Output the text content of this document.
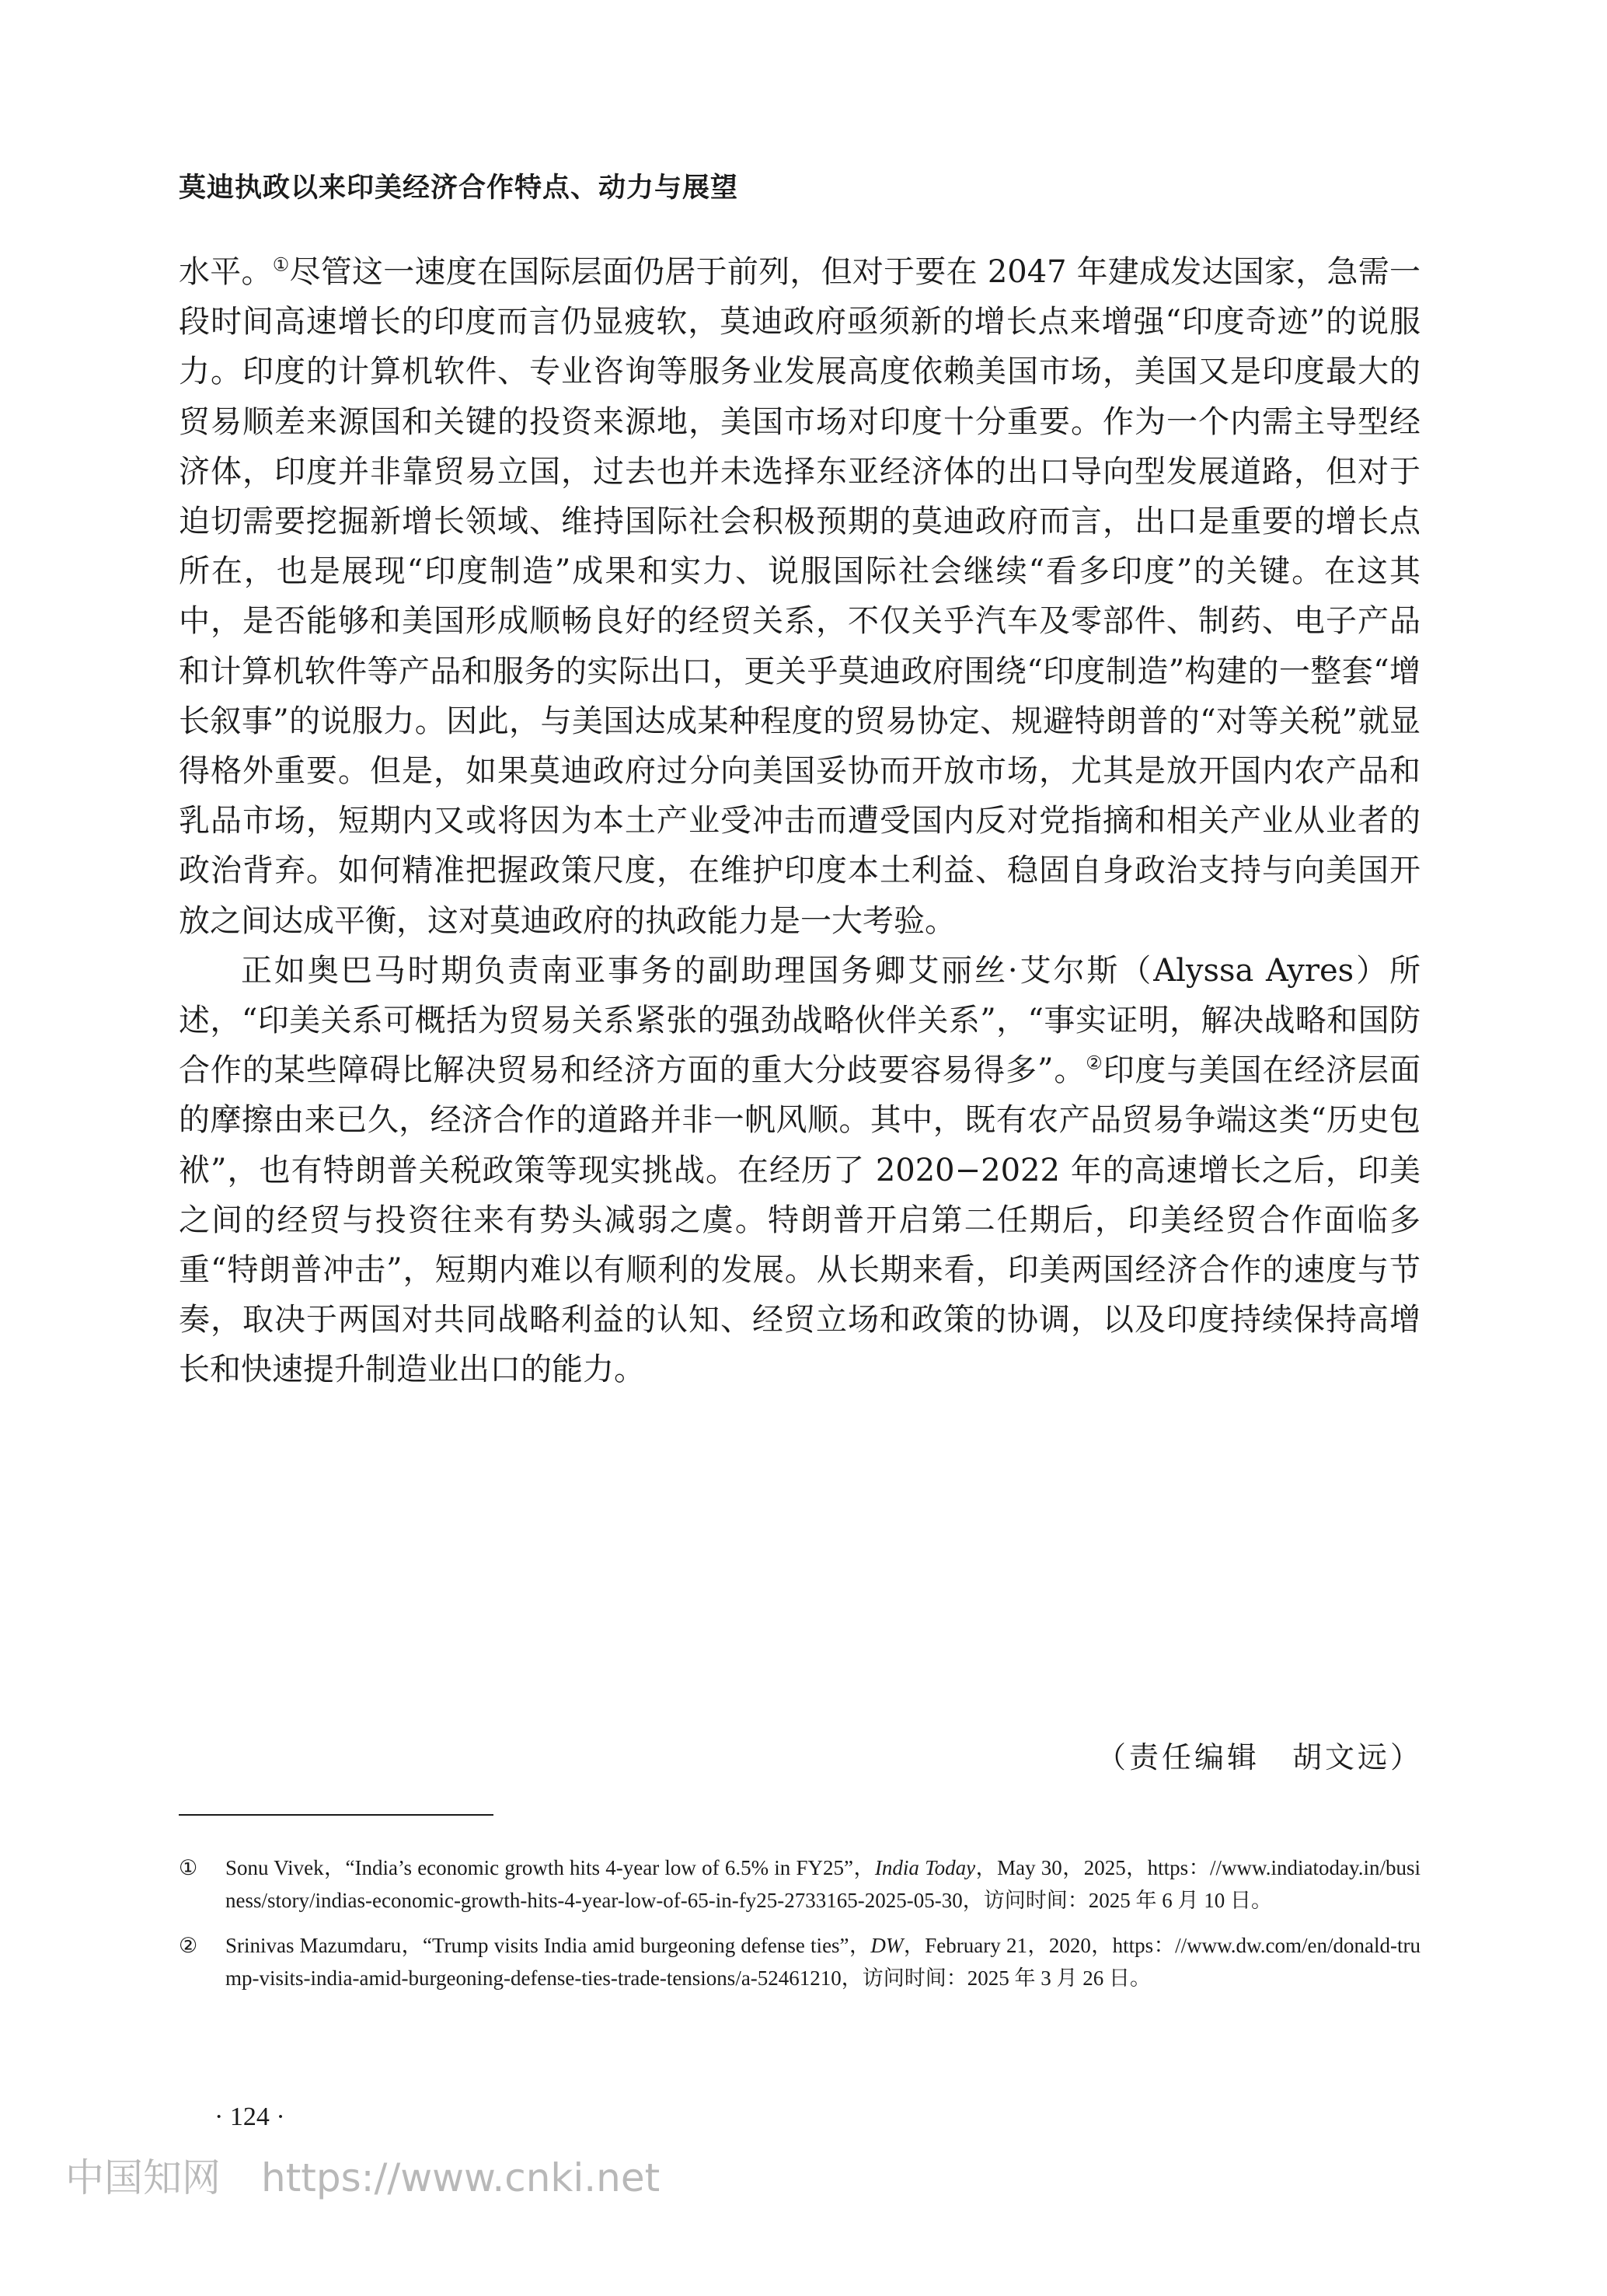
莫迪执政以来印美经济合作特点、动力与展望

水平。①尽管这一速度在国际层面仍居于前列，但对于要在 2047 年建成发达国家，急需一段时间高速增长的印度而言仍显疲软，莫迪政府亟须新的增长点来增强“印度奇迹”的说服力。印度的计算机软件、专业咨询等服务业发展高度依赖美国市场，美国又是印度最大的贸易顺差来源国和关键的投资来源地，美国市场对印度十分重要。作为一个内需主导型经济体，印度并非靠贸易立国，过去也并未选择东亚经济体的出口导向型发展道路，但对于迫切需要挖掘新增长领域、维持国际社会积极预期的莫迪政府而言，出口是重要的增长点所在，也是展现“印度制造”成果和实力、说服国际社会继续“看多印度”的关键。在这其中，是否能够和美国形成顺畅良好的经贸关系，不仅关乎汽车及零部件、制药、电子产品和计算机软件等产品和服务的实际出口，更关乎莫迪政府围绕“印度制造”构建的一整套“增长叙事”的说服力。因此，与美国达成某种程度的贸易协定、规避特朗普的“对等关税”就显得格外重要。但是，如果莫迪政府过分向美国妥协而开放市场，尤其是放开国内农产品和乳品市场，短期内又或将因为本土产业受冲击而遭受国内反对党指摘和相关产业从业者的政治背弃。如何精准把握政策尺度，在维护印度本土利益、稳固自身政治支持与向美国开放之间达成平衡，这对莫迪政府的执政能力是一大考验。

正如奥巴马时期负责南亚事务的副助理国务卿艾丽丝·艾尔斯（Alyssa Ayres）所述，“印美关系可概括为贸易关系紧张的强劲战略伙伴关系”，“事实证明，解决战略和国防合作的某些障碍比解决贸易和经济方面的重大分歧要容易得多”。②印度与美国在经济层面的摩擦由来已久，经济合作的道路并非一帆风顺。其中，既有农产品贸易争端这类“历史包袱”，也有特朗普关税政策等现实挑战。在经历了 2020−2022 年的高速增长之后，印美之间的经贸与投资往来有势头减弱之虞。特朗普开启第二任期后，印美经贸合作面临多重“特朗普冲击”，短期内难以有顺利的发展。从长期来看，印美两国经济合作的速度与节奏，取决于两国对共同战略利益的认知、经贸立场和政策的协调，以及印度持续保持高增长和快速提升制造业出口的能力。

（责任编辑　胡文远）
①	Sonu Vivek，“India’s economic growth hits 4-year low of 6.5% in FY25”，India Today，May 30，2025，https：//www.indiatoday.in/business/story/indias-economic-growth-hits-4-year-low-of-65-in-fy25-2733165-2025-05-30，访问时间：2025 年 6 月 10 日。
②	Srinivas Mazumdaru，“Trump visits India amid burgeoning defense ties”，DW，February 21，2020，https：//www.dw.com/en/donald-trump-visits-india-amid-burgeoning-defense-ties-trade-tensions/a-52461210，访问时间：2025 年 3 月 26 日。
· 124 ·
中国知网 https://www.cnki.net
